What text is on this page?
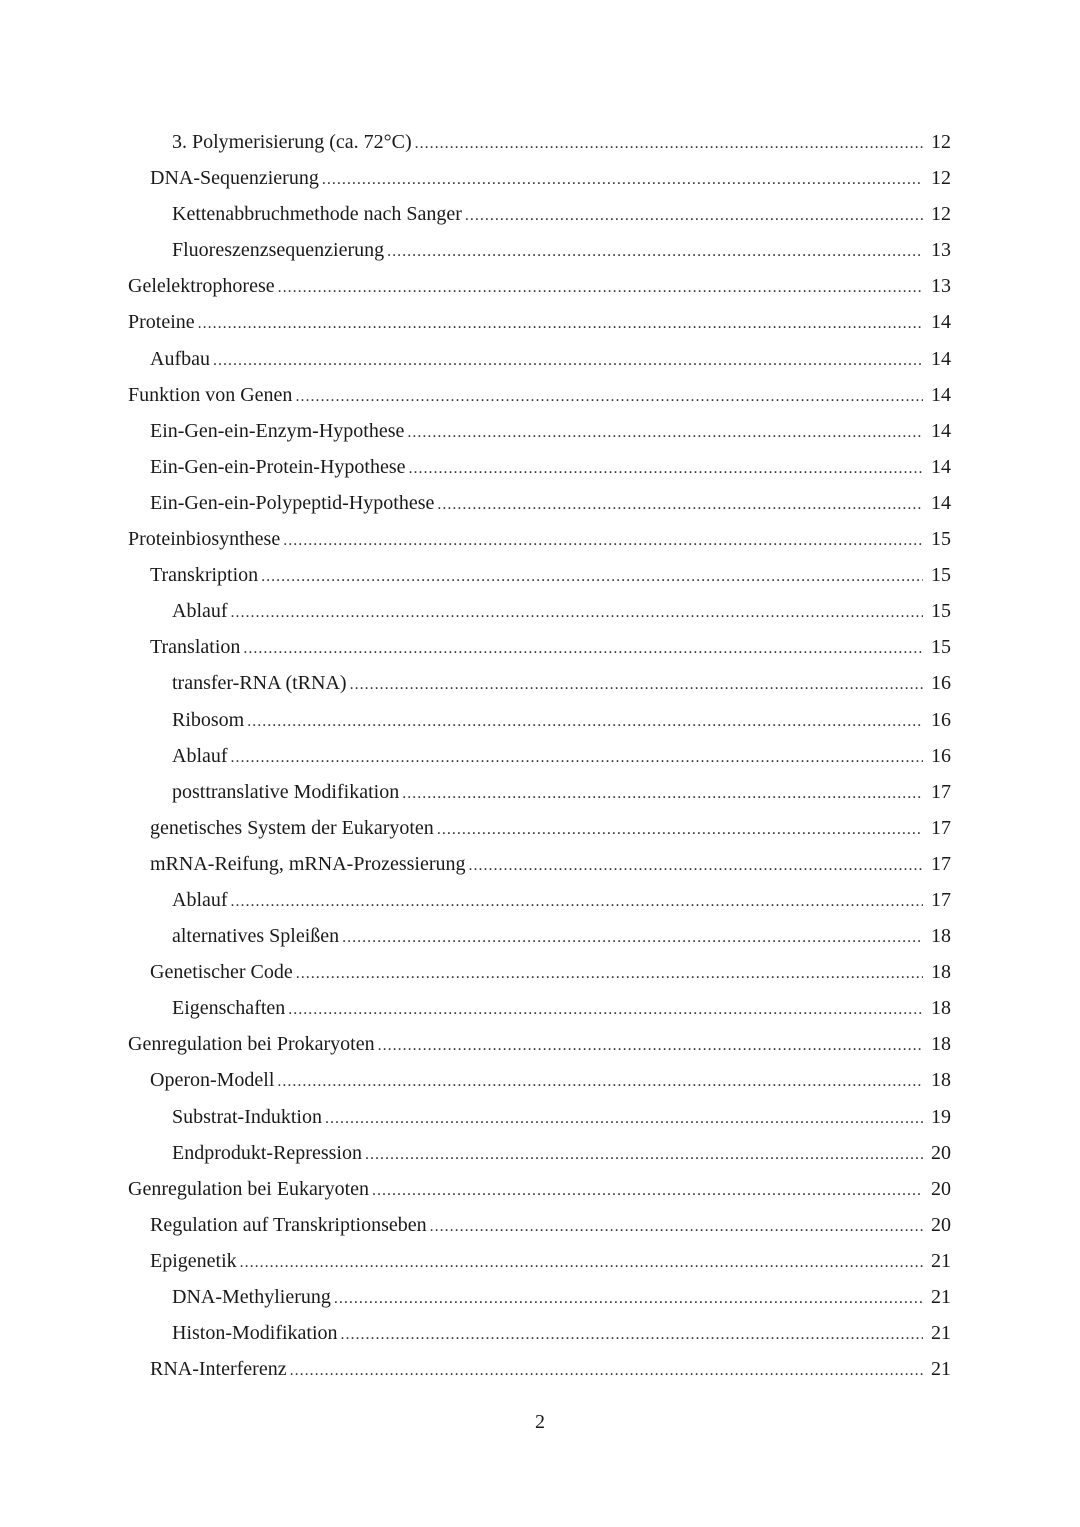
3. Polymerisierung (ca. 72°C) .....	12
DNA-Sequenzierung .....	12
Kettenabbruchmethode nach Sanger .....	12
Fluoreszenzsequenzierung .....	13
Gelelektrophorese .....	13
Proteine .....	14
Aufbau .....	14
Funktion von Genen .....	14
Ein-Gen-ein-Enzym-Hypothese .....	14
Ein-Gen-ein-Protein-Hypothese .....	14
Ein-Gen-ein-Polypeptid-Hypothese .....	14
Proteinbiosynthese .....	15
Transkription .....	15
Ablauf .....	15
Translation .....	15
transfer-RNA (tRNA) .....	16
Ribosom .....	16
Ablauf .....	16
posttranslative Modifikation .....	17
genetisches System der Eukaryoten .....	17
mRNA-Reifung, mRNA-Prozessierung .....	17
Ablauf .....	17
alternatives Spleißen .....	18
Genetischer Code .....	18
Eigenschaften .....	18
Genregulation bei Prokaryoten .....	18
Operon-Modell .....	18
Substrat-Induktion .....	19
Endprodukt-Repression .....	20
Genregulation bei Eukaryoten .....	20
Regulation auf Transkriptionseben .....	20
Epigenetik .....	21
DNA-Methylierung .....	21
Histon-Modifikation .....	21
RNA-Interferenz .....	21
2
